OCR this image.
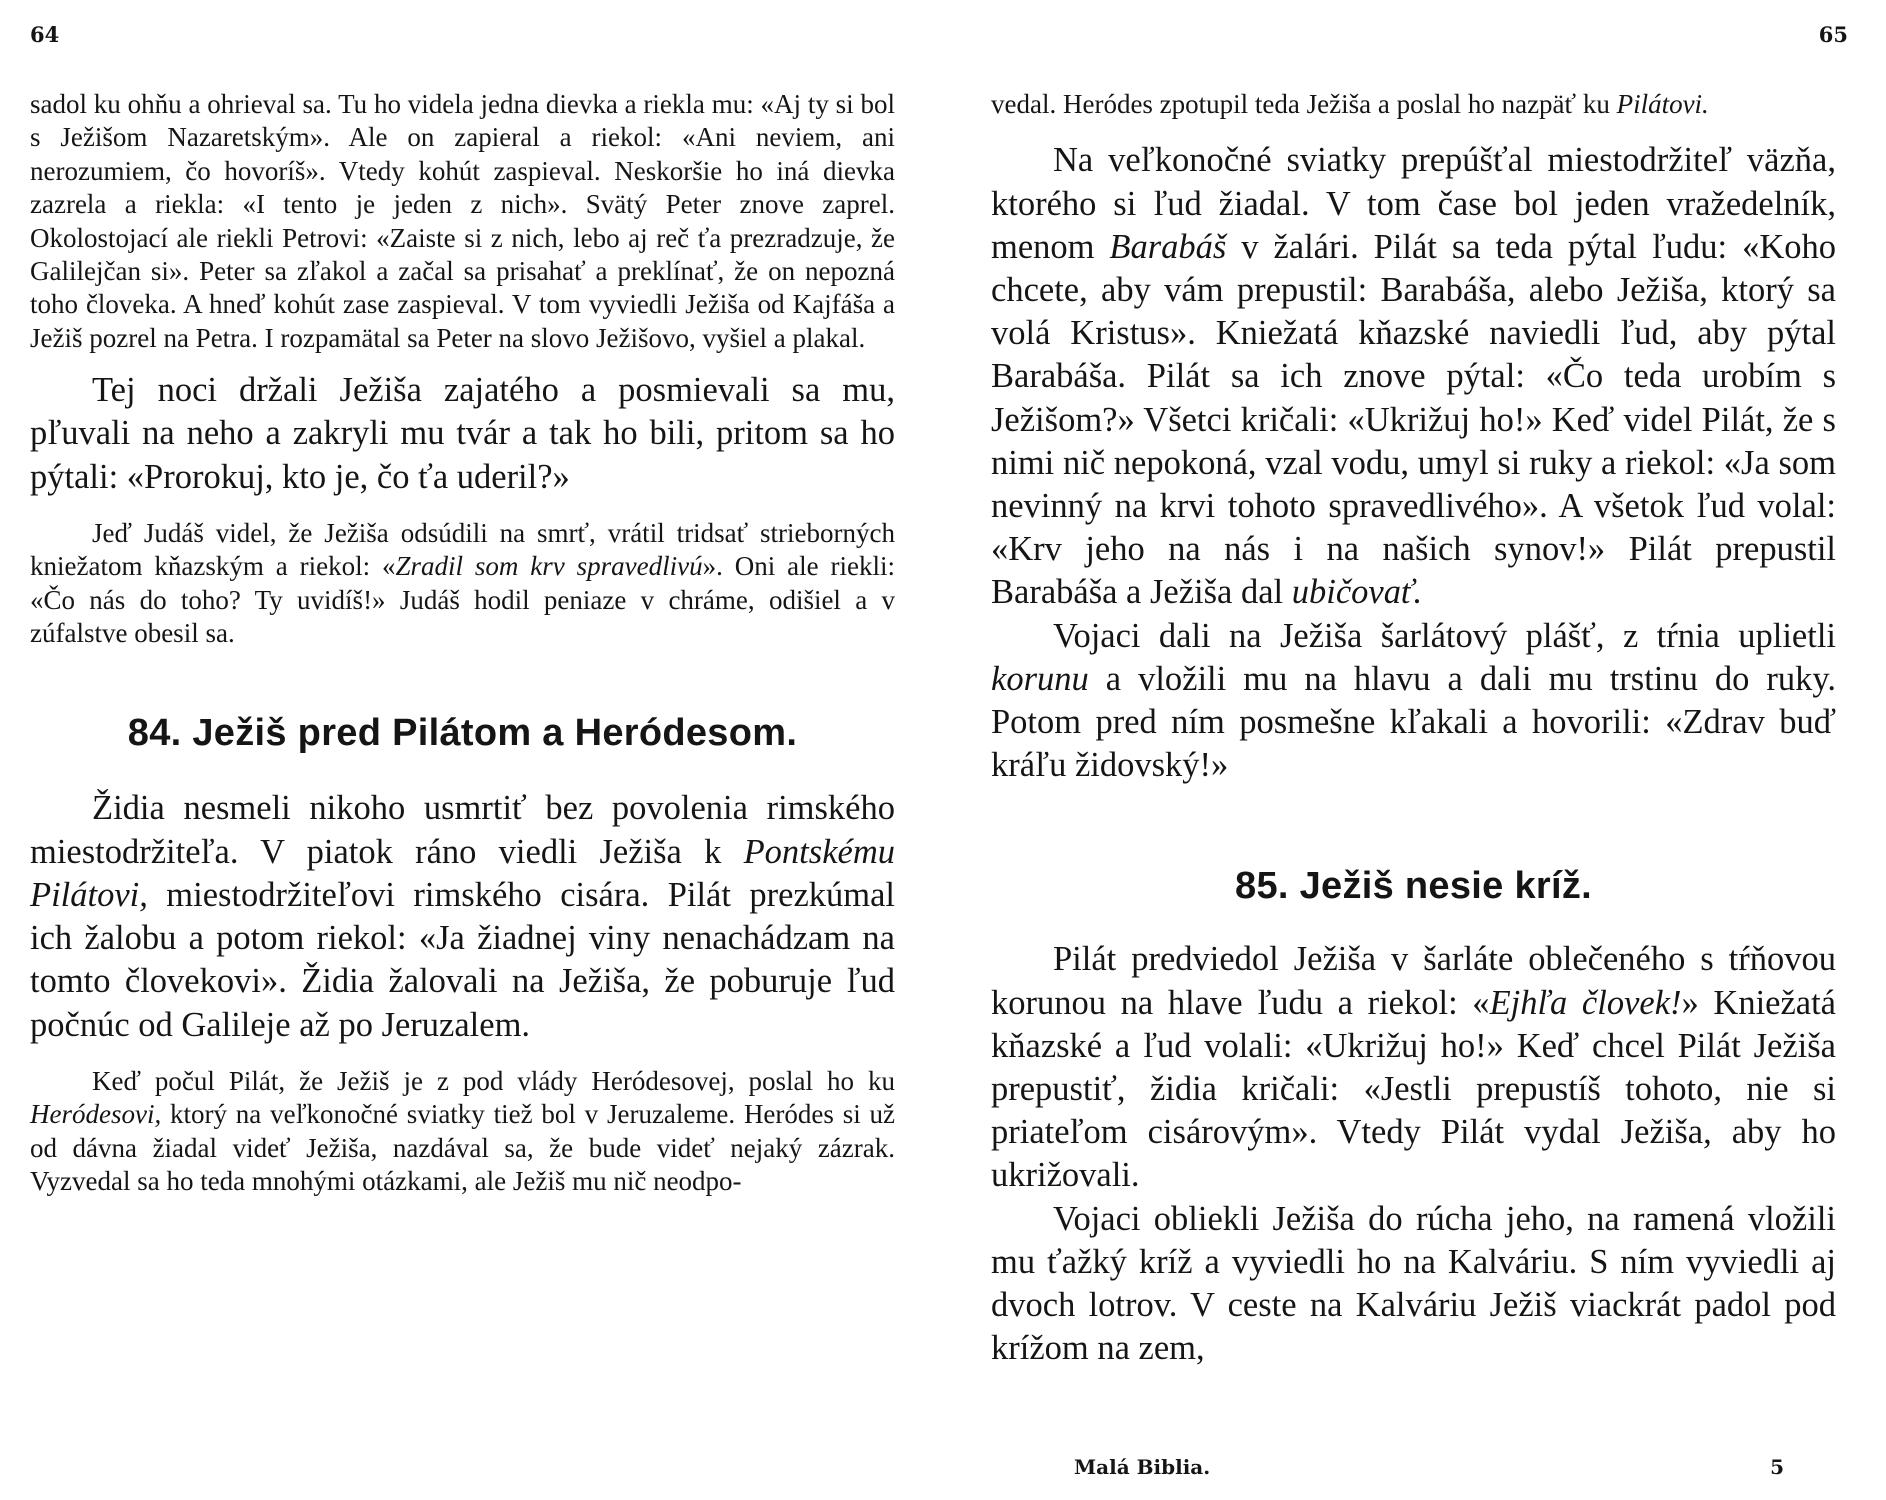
64

sadol ku ohňu a ohrieval sa. Tu ho videla jedna dievka a riekla mu: «Aj ty si bol s Ježišom Nazaretským». Ale on zapieral a riekol: «Ani neviem, ani nerozumiem, čo hovoríš». Vtedy kohút zaspieval. Neskoršie ho iná dievka zazrela a riekla: «I tento je jeden z nich». Svätý Peter znove zaprel. Okolostojací ale riekli Petrovi: «Zaiste si z nich, lebo aj reč ťa prezradzuje, že Galilejčan si». Peter sa zľakol a začal sa prisahať a preklínať, že on nepozná toho človeka. A hneď kohút zase zaspieval. V tom vyviedli Ježiša od Kajfáša a Ježiš pozrel na Petra. I rozpamätal sa Peter na slovo Ježišovo, vyšiel a plakal.

Tej noci držali Ježiša zajatého a posmievali sa mu, pľuvali na neho a zakryli mu tvár a tak ho bili, pritom sa ho pýtali: «Prorokuj, kto je, čo ťa uderil?»

Jeď Judáš videl, že Ježiša odsúdili na smrť, vrátil tridsať strieborných kniežatom kňazským a riekol: «Zradil som krv spravedlivú». Oni ale riekli: «Čo nás do toho? Ty uvidíš!» Judáš hodil peniaze v chráme, odišiel a v zúfalstve obesil sa.

84. Ježiš pred Pilátom a Heródesom.

Židia nesmeli nikoho usmrtiť bez povolenia rimského miestodržiteľa. V piatok ráno viedli Ježiša k Pontskému Pilátovi, miestodržiteľovi rimského cisára. Pilát prezkúmal ich žalobu a potom riekol: «Ja žiadnej viny nenachádzam na tomto človekovi». Židia žalovali na Ježiša, že poburuje ľud počnúc od Galileje až po Jeruzalem.

Keď počul Pilát, že Ježiš je z pod vlády Heródesovej, poslal ho ku Heródesovi, ktorý na veľkonočné sviatky tiež bol v Jeruzaleme. Heródes si už od dávna žiadal videť Ježiša, nazdával sa, že bude videť nejaký zázrak. Vyzvedal sa ho teda mnohými otázkami, ale Ježiš mu nič neodpo-

65

vedal. Heródes zpotupil teda Ježiša a poslal ho nazpäť ku Pilátovi.

Na veľkonočné sviatky prepúšťal miestodržiteľ väzňa, ktorého si ľud žiadal. V tom čase bol jeden vražedelník, menom Barabáš v žalári. Pilát sa teda pýtal ľudu: «Koho chcete, aby vám prepustil: Barabáša, alebo Ježiša, ktorý sa volá Kristus». Kniežatá kňazské naviedli ľud, aby pýtal Barabáša. Pilát sa ich znove pýtal: «Čo teda urobím s Ježišom?» Všetci kričali: «Ukrižuj ho!» Keď videl Pilát, že s nimi nič nepokoná, vzal vodu, umyl si ruky a riekol: «Ja som nevinný na krvi tohoto spravedlivého». A všetok ľud volal: «Krv jeho na nás i na našich synov!» Pilát prepustil Barabáša a Ježiša dal ubičovať.

Vojaci dali na Ježiša šarlátový plášť, z tŕnia uplietli korunu a vložili mu na hlavu a dali mu trstinu do ruky. Potom pred ním posmešne kľakali a hovorili: «Zdrav buď kráľu židovský!»

85. Ježiš nesie kríž.

Pilát predviedol Ježiša v šarláte oblečeného s tŕňovou korunou na hlave ľudu a riekol: «Ejhľa človek!» Kniežatá kňazské a ľud volali: «Ukrižuj ho!» Keď chcel Pilát Ježiša prepustiť, židia kričali: «Jestli prepustíš tohoto, nie si priateľom cisárovým». Vtedy Pilát vydal Ježiša, aby ho ukrižovali.

Vojaci obliekli Ježiša do rúcha jeho, na ramená vložili mu ťažký kríž a vyviedli ho na Kalváriu. S ním vyviedli aj dvoch lotrov. V ceste na Kalváriu Ježiš viackrát padol pod krížom na zem,

Malá Biblia.	5
